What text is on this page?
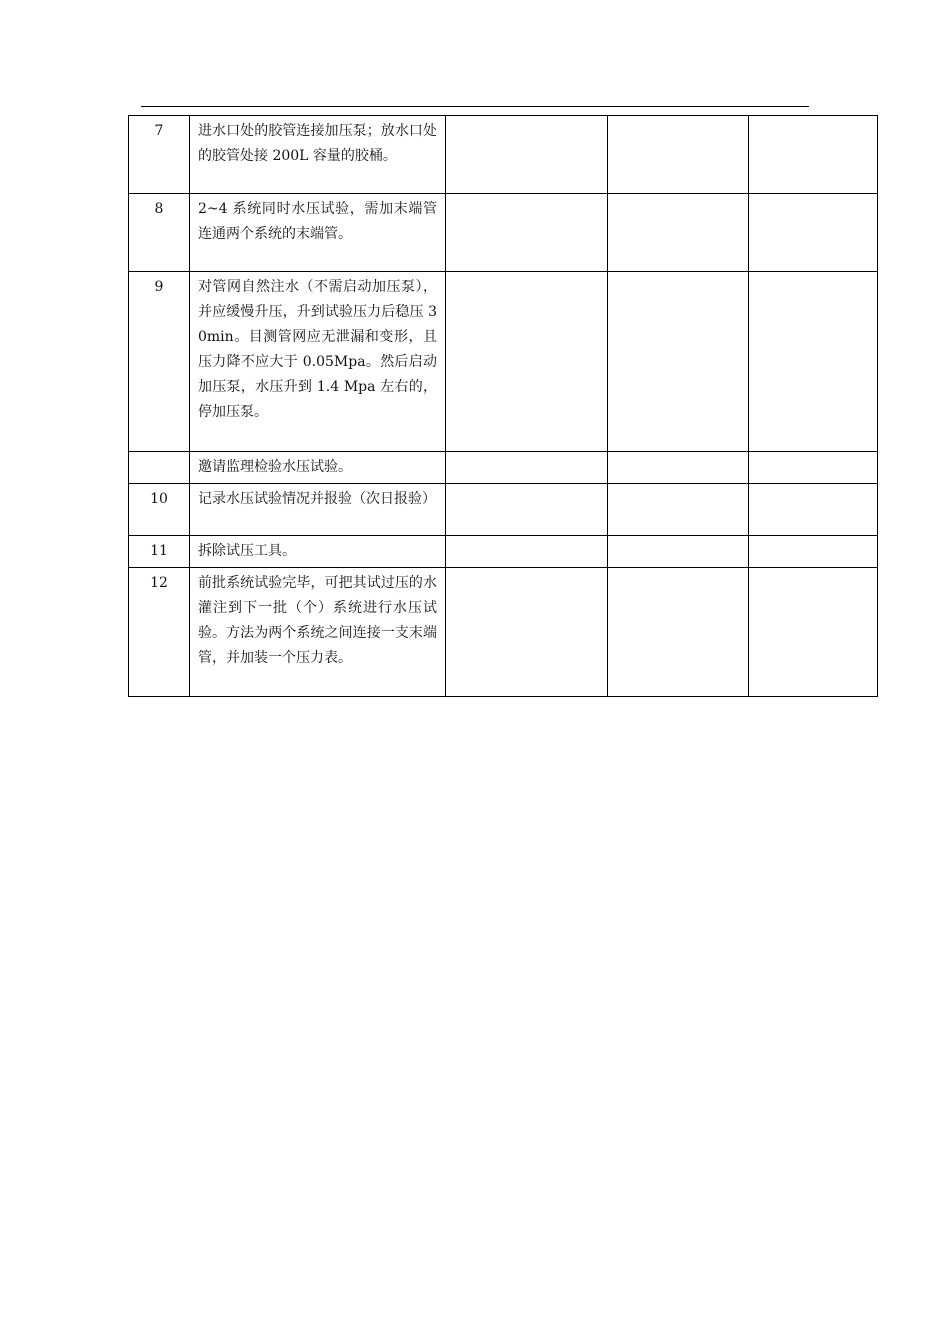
7	进水口处的胶管连接加压泵；放水口处的胶管处接 200L 容量的胶桶。			

8	2~4 系统同时水压试验，需加末端管连通两个系统的末端管。			

9	对管网自然注水（不需启动加压泵），并应缓慢升压，升到试验压力后稳压 30min。目测管网应无泄漏和变形，且压力降不应大于 0.05Mpa。然后启动加压泵，水压升到 1.4 Mpa 左右的，停加压泵。			

	邀请监理检验水压试验。			

10	记录水压试验情况并报验（次日报验）			

11	拆除试压工具。			

12	前批系统试验完毕，可把其试过压的水灌注到下一批（个）系统进行水压试验。方法为两个系统之间连接一支末端管，并加装一个压力表。			
